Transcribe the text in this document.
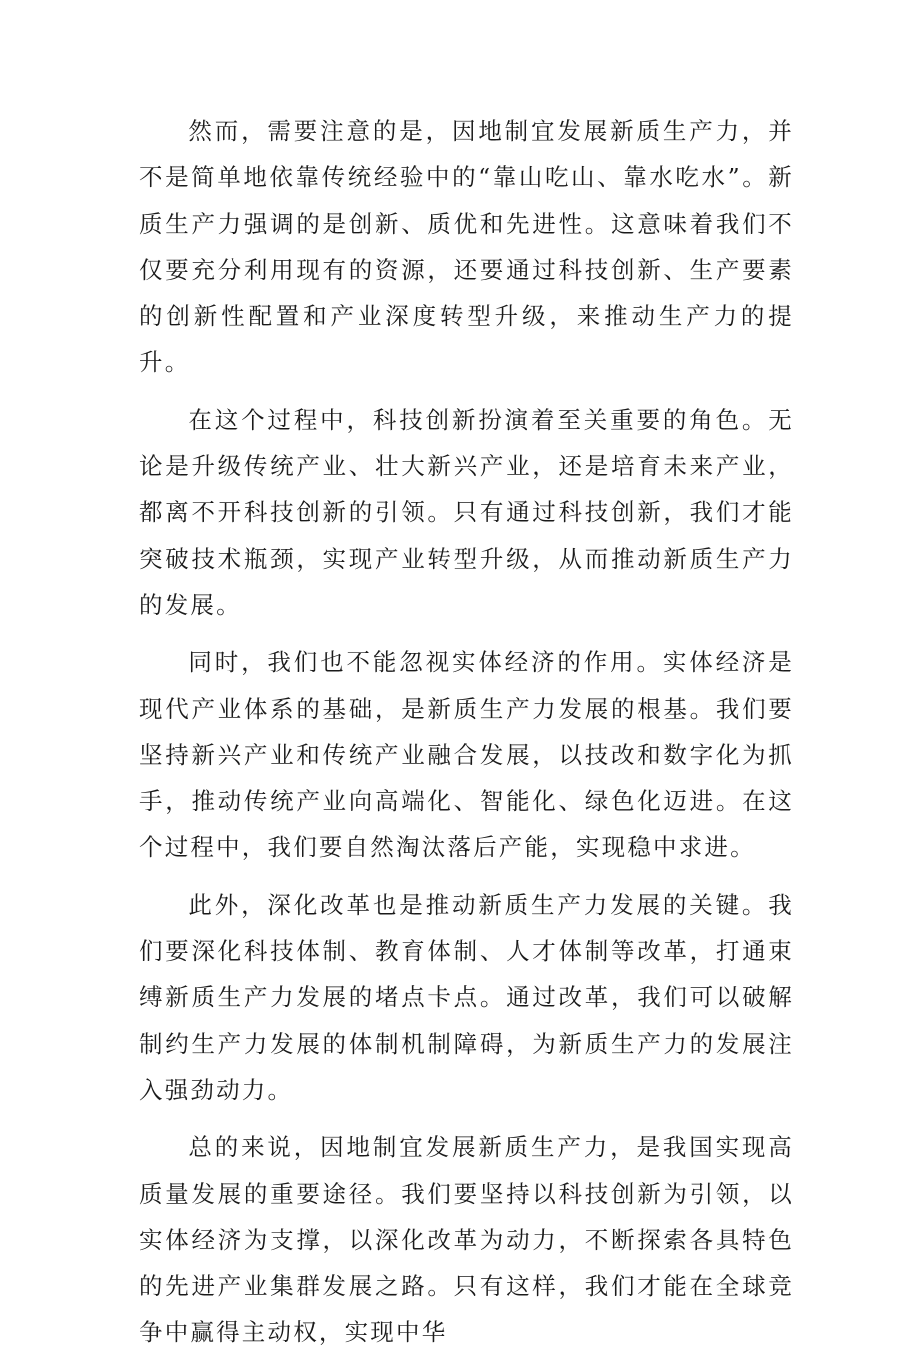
然而，需要注意的是，因地制宜发展新质生产力，并不是简单地依靠传统经验中的“靠山吃山、靠水吃水”。新质生产力强调的是创新、质优和先进性。这意味着我们不仅要充分利用现有的资源，还要通过科技创新、生产要素的创新性配置和产业深度转型升级，来推动生产力的提升。

在这个过程中，科技创新扮演着至关重要的角色。无论是升级传统产业、壮大新兴产业，还是培育未来产业，都离不开科技创新的引领。只有通过科技创新，我们才能突破技术瓶颈，实现产业转型升级，从而推动新质生产力的发展。

同时，我们也不能忽视实体经济的作用。实体经济是现代产业体系的基础，是新质生产力发展的根基。我们要坚持新兴产业和传统产业融合发展，以技改和数字化为抓手，推动传统产业向高端化、智能化、绿色化迈进。在这个过程中，我们要自然淘汰落后产能，实现稳中求进。

此外，深化改革也是推动新质生产力发展的关键。我们要深化科技体制、教育体制、人才体制等改革，打通束缚新质生产力发展的堵点卡点。通过改革，我们可以破解制约生产力发展的体制机制障碍，为新质生产力的发展注入强劲动力。

总的来说，因地制宜发展新质生产力，是我国实现高质量发展的重要途径。我们要坚持以科技创新为引领，以实体经济为支撑，以深化改革为动力，不断探索各具特色的先进产业集群发展之路。只有这样，我们才能在全球竞争中赢得主动权，实现中华
